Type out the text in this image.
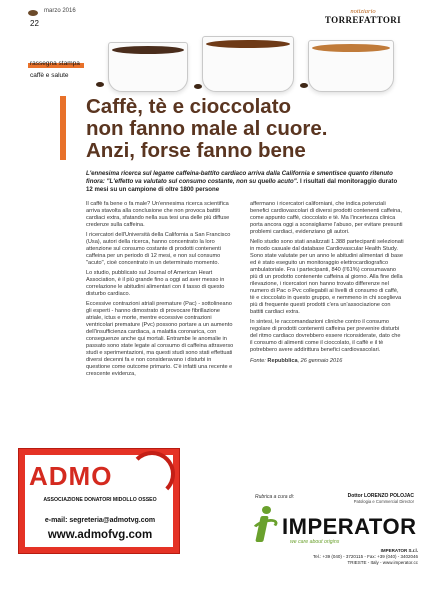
marzo 2016
22
notiziario
TORREFATTORI
rassegna stampa
caffè e salute
Caffè, tè e cioccolato
non fanno male al cuore.
Anzi, forse fanno bene
L'ennesima ricerca sul legame caffeina-battito cardiaco arriva dalla California e smentisce quanto ritenuto finora: "L'effetto va valutato sul consumo costante, non su quello acuto". I risultati dal monitoraggio durato 12 mesi su un campione di oltre 1800 persone

Il caffè fa bene o fa male? Un'ennesima ricerca scientifica arriva stavolta alla conclusione che non provoca battiti cardiaci extra, sfatando nella sua tesi una delle più diffuse credenze sulla caffeina.

I ricercatori dell'Università della California a San Francisco (Usa), autori della ricerca, hanno concentrato la loro attenzione sul consumo costante di prodotti contenenti caffeina per un periodo di 12 mesi, e non sul consumo "acuto", cioè concentrato in un determinato momento.

Lo studio, pubblicato sul Journal of American Heart Association, è il più grande fino a oggi ad aver messo in correlazione le abitudini alimentari con il tasso di questo disturbo cardiaco.

Eccessive contrazioni atriali premature (Pac) - sottolineano gli esperti - hanno dimostrato di provocare fibrillazione atriale, ictus e morte, mentre eccessive contrazioni ventricolari premature (Pvc) possono portare a un aumento dell'insufficienza cardiaca, a malattia coronarica, con conseguenze anche qui mortali. Entrambe le anomalie in passato sono state legate al consumo di caffeina attraverso studi e sperimentazioni, ma questi studi sono stati effettuati diversi decenni fa e non consideravano i disturbi in questione come outcome primario. C'è infatti una recente e crescente evidenza,

affermano i ricercatori californiani, che indica potenziali benefici cardiovascolari di diversi prodotti contenenti caffeina, come appunto caffè, cioccolato e tè. Ma l'incertezza clinica porta ancora oggi a sconsigliarne l'abuso, per evitare presunti problemi cardiaci, evidenziano gli autori.

Nello studio sono stati analizzati 1.388 partecipanti selezionati in modo casuale dal database Cardiovascular Health Study. Sono state valutate per un anno le abitudini alimentari di base ed è stato eseguito un monitoraggio elettrocardiografico ambulatoriale. Fra i partecipanti, 840 (l'61%) consumavano più di un prodotto contenente caffeina al giorno. Alla fine della rilevazione, i ricercatori non hanno trovato differenze nel numero di Pac o Pvc collegabili ai livelli di consumo di caffè, tè e cioccolato in questo gruppo, e nemmeno in chi sceglieva più di frequente questi prodotti c'era un'associazione con battiti cardiaci extra.

In sintesi, le raccomandazioni cliniche contro il consumo regolare di prodotti contenenti caffeina per prevenire disturbi del ritmo cardiaco dovrebbero essere riconsiderate, dato che il consumo di alimenti come il cioccolato, il caffè e il tè potrebbero avere addirittura benefici cardiovascolari.

Fonte: Repubblica, 26 gennaio 2016
ADMO
ASSOCIAZIONE DONATORI MIDOLLO OSSEO
e-mail: segreteria@admotvg.com
www.admofvg.com
Rubrica a cura di:	Dottor LORENZO POLOJAC
Patologia e Commercial Director
IMPERATOR
we care about origins
IMPERATOR S.r.l.
Tel.: +39 (040) - 3720115 - Fax: +39 (040) - 3402046
TRIESTE - Italy - www.imperator.cc
